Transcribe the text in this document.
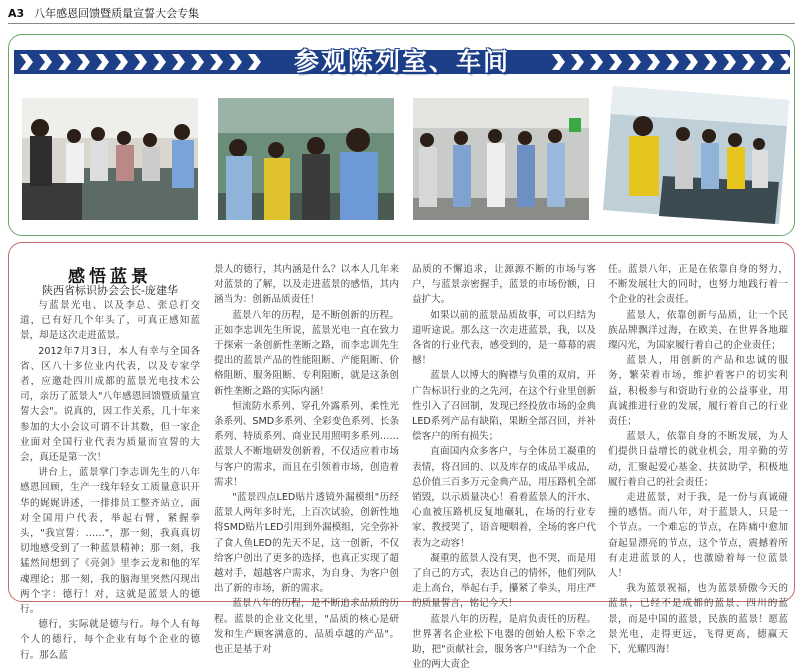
A3 八年感恩回馈暨质量宣誓大会专集
参观陈列室、车间
感悟蓝景
陕西省标识协会会长-庞建华

与蓝景光电、以及李总、张总打交道，已有好几个年头了，可真正感知蓝景，却是这次走进蓝景。

2012年7月3日，本人有幸与全国各省、区八十多位业内代表，以及专家学者，应邀赴四川成都的蓝景光电技术公司，亲历了蓝景人"八年感恩回馈暨质量宣誓大会"。说真的，因工作关系，几十年来参加的大小会议可谓不计其数，但一家企业面对全国行业代表为质量而宣誓的大会，真还是第一次！

讲台上，蓝景掌门李志训先生的八年感恩回顾，生产一线年轻女工质量意识开华的娓娓讲述，一排排员工整齐站立，面对全国用户代表，举起右臂，紧握拳头，"我宣誓：……"，那一刻，我真真切切地感受到了一种蓝景精神；那一刻，我猛然间想到了《亮剑》里李云龙和他的军魂理论；那一刻，我的脑海里突然闪现出两个字：德行！对，这就是蓝景人的德行。

德行，实际就是德与行。每个人有每个人的德行，每个企业有每个企业的德行。那么蓝

景人的德行，其内涵是什么？以本人几年来对蓝景的了解，以及走进蓝景的感悟，其内涵当为：创新品质责任！

蓝景八年的历程，是不断创新的历程。正如李忠训先生所说，蓝景光电一直在致力于探索一条创新性垄断之路，而李忠训先生提出的蓝景产品的性能阻断、产能阻断、价格阻断、服务阻断、专利阻断，就是这条创新性垄断之路的实际内涵！

恒流防水系列、穿孔外露系列、柔性光条系列、SMD多系列、全彩变色系列、长条系列、特质系列、商业民用照明多系列……蓝景人不断地研发创新着，不仅适应着市场与客户的需求，而且在引领着市场，创造着需求！

"蓝景四点LED贴片透镜外漏模组"历经蓝景人两年多时光，上百次试验，创新性地将SMD贴片LED引用到外漏模组，完全弥补了食人鱼LED的先天不足，这一创新，不仅给客户创出了更多的选择，也真正实现了超越对手，超越客户需求，为自身、为客户创出了新的市场，新的需求。

蓝景八年的历程，是不断追求品质的历程。蓝景的企业文化里，"品质的核心是研发和生产顾客满意的、品质卓越的产品"。也正是基于对

品质的不懈追求，让源源不断的市场与客户，与蓝景亲密握手，蓝景的市场份额，日益扩大。

如果以前的蓝景品质故事，可以归结为道听途说。那么这一次走进蓝景，我，以及各省的行业代表，感受到的，是一幕幕的震撼！

蓝景人以博大的胸襟与负重的双肩，开广告标识行业的之先河，在这个行业里创新性引入了召回制，发现已经投放市场的金典LED系列产品有缺陷，果断全部召回，并补偿客户的所有损失；

直面国内众多客户，与全体员工凝重的表情，将召回的、以及库存的成品半成品，总价值三百多万元金典产品，用压路机全部销毁，以示质量决心！看着蓝景人的汗水、心血被压路机反复地碾轧，在场的行业专家、教授哭了，语音哽咽着，全场的客户代表为之动容！

凝重的蓝景人没有哭，也不哭，而是用了自己的方式，表达自己的情怀，他们列队走上高台，举起右手，攥紧了拳头，用庄严的质量誓言，铭记今天！

蓝景八年的历程，是肩负责任的历程。世界著名企业松下电器的创始人松下幸之助，把"贡献社会，服务客户"归结为一个企业的两大责企

任。蓝景八年，正是在依靠自身的努力，不断发展壮大的同时，也努力地践行着一个企业的社会责任。

蓝景人，依靠创新与品质，让一个民族品牌飘洋过海，在欧美、在世界各地璀璨闪光，为国家履行着自己的企业责任；

蓝景人，用创新的产品和忠诚的服务，繁荣着市场，维护着客户的切实利益，积极参与和资助行业的公益事业，用真诚推进行业的发展，履行着自己的行业责任；

蓝景人，依靠自身的不断发展，为人们提供日益增长的就业机会，用辛勤的劳动，汇聚起爱心基金、扶贫助学，积极地履行着自己的社会责任；

走进蓝景，对于我，是一份与真诚碰撞的感悟。而八年，对于蓝景人，只是一个节点。一个难忘的节点，在阵痛中愈加奋起显漂亮的节点，这个节点，震撼着所有走进蓝景的人，也激励着每一位蓝景人！

我为蓝景祝福，也为蓝景骄傲今天的蓝景，已经不是成都的蓝景、四川的蓝景，而是中国的蓝景，民族的蓝景！愿蓝景光电，走得更远，飞得更高，德赢天下，光耀四海！
